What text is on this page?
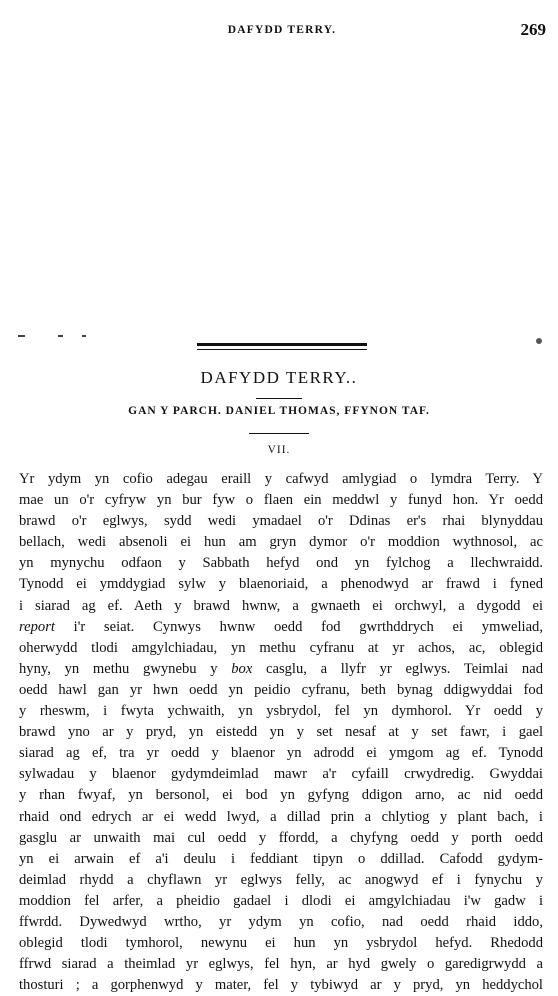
DAFYDD TERRY.	269
DAFYDD TERRY..
GAN Y PARCH. DANIEL THOMAS, FFYNON TAF.
VII.
Yr ydym yn cofio adegau eraill y cafwyd amlygiad o lymdra Terry. Y
mae un o'r cyfryw yn bur fyw o flaen ein meddwl y funyd hon. Yr oedd
brawd o'r eglwys, sydd wedi ymadael o'r Ddinas er's rhai blynyddau
bellach, wedi absenoli ei hun am gryn dymor o'r moddion wythnosol, ac
yn mynychu odfaon y Sabbath hefyd ond yn fylchog a llechwraidd.
Tynodd ei ymddygiad sylw y blaenoriaid, a phenodwyd ar frawd i fyned
i siarad ag ef. Aeth y brawd hwnw, a gwnaeth ei orchwyl, a dygodd ei
report i'r seiat. Cynwys hwnw oedd fod gwrthddrych ei ymweliad,
oherwydd tlodi amgylchiadau, yn methu cyfranu at yr achos, ac, oblegid
hyny, yn methu gwynebu y box casglu, a llyfr yr eglwys. Teimlai nad
oedd hawl gan yr hwn oedd yn peidio cyfranu, beth bynag ddigwyddai fod
y rheswm, i fwyta ychwaith, yn ysbrydol, fel yn dymhorol. Yr oedd y
brawd yno ar y pryd, yn eistedd yn y set nesaf at y set fawr, i gael
siarad ag ef, tra yr oedd y blaenor yn adrodd ei ymgom ag ef. Tynodd
sylwadau y blaenor gydymdeimlad mawr a'r cyfaill crwydredig. Gwyddai
y rhan fwyaf, yn bersonol, ei bod yn gyfyng ddigon arno, ac nid oedd
rhaid ond edrych ar ei wedd lwyd, a dillad prin a chlytiog y plant bach, i
gasglu ar unwaith mai cul oedd y ffordd, a chyfyng oedd y porth oedd
yn ei arwain ef a'i deulu i feddiant tipyn o ddillad. Cafodd gydym-
deimlad rhydd a chyflawn yr eglwys felly, ac anogwyd ef i fynychu y
moddion fel arfer, a pheidio gadael i dlodi ei amgylchiadau i'w gadw i
ffwrdd. Dywedwyd wrtho, yr ydym yn cofio, nad oedd rhaid iddo,
oblegid tlodi tymhorol, newynu ei hun yn ysbrydol hefyd. Rhedodd
ffrwd siarad a theimlad yr eglwys, fel hyn, ar hyd gwely o garedigrwydd a
thosturi ; a gorphenwyd y mater, fel y tybiwyd ar y pryd, yn heddychol
